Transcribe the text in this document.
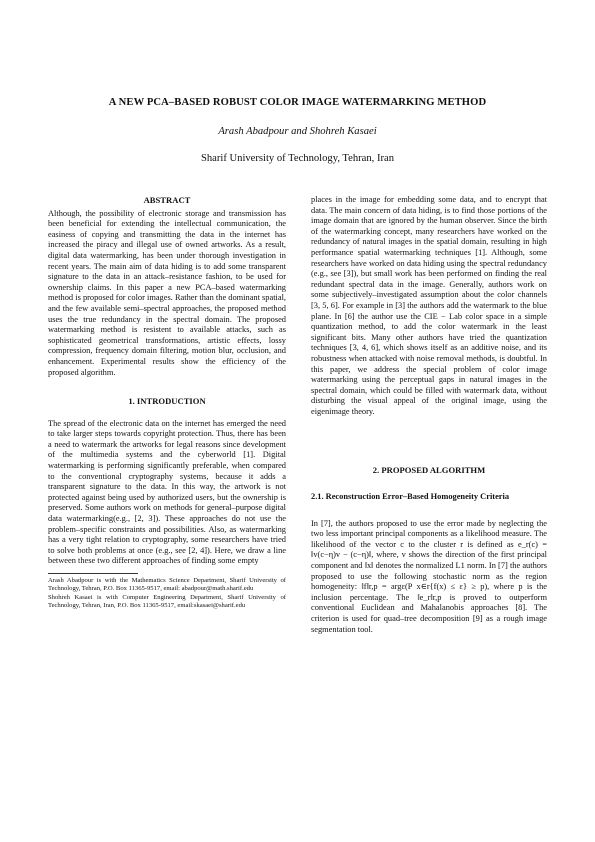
A NEW PCA–BASED ROBUST COLOR IMAGE WATERMARKING METHOD
Arash Abadpour and Shohreh Kasaei
Sharif University of Technology, Tehran, Iran
ABSTRACT

Although, the possibility of electronic storage and transmission has been beneficial for extending the intellectual communication, the easiness of copying and transmitting the data in the internet has increased the piracy and illegal use of owned artworks. As a result, digital data watermarking, has been under thorough investigation in recent years. The main aim of data hiding is to add some transparent signature to the data in an attack–resistance fashion, to be used for ownership claims. In this paper a new PCA–based watermarking method is proposed for color images. Rather than the dominant spatial, and the few available semi–spectral approaches, the proposed method uses the true redundancy in the spectral domain. The proposed watermarking method is resistent to available attacks, such as sophisticated geometrical transformations, artistic effects, lossy compression, frequency domain filtering, motion blur, occlusion, and enhancement. Experimental results show the efficiency of the proposed algorithm.

1. INTRODUCTION

The spread of the electronic data on the internet has emerged the need to take larger steps towards copyright protection. Thus, there has been a need to watermark the artworks for legal reasons since development of the multimedia systems and the cyberworld [1]. Digital watermarking is performing significantly preferable, when compared to the conventional cryptography systems, because it adds a transparent signature to the data. In this way, the artwork is not protected against being used by authorized users, but the ownership is preserved. Some authors work on methods for general–purpose digital data watermarking(e.g., [2, 3]). These approaches do not use the problem–specific constraints and possibilities. Also, as watermarking has a very tight relation to cryptography, some researchers have tried to solve both problems at once (e.g., see [2, 4]). Here, we draw a line between these two different approaches of finding some empty

Arash Abadpour is with the Mathematics Science Department, Sharif University of Technology, Tehran, P.O. Box 11365-9517, email: abadpour@math.sharif.edu

Shohreh Kasaei is with Computer Engineering Department, Sharif University of Technology, Tehran, Iran, P.O. Box 11365-9517, email:skasaei@sharif.edu

places in the image for embedding some data, and to encrypt that data. The main concern of data hiding, is to find those portions of the image domain that are ignored by the human observer. Since the birth of the watermarking concept, many researchers have worked on the redundancy of natural images in the spatial domain, resulting in high performance spatial watermarking techniques [1]. Although, some researchers have worked on data hiding using the spectral redundancy (e.g., see [3]), but small work has been performed on finding the real redundant spectral data in the image. Generally, authors work on some subjectively–investigated assumption about the color channels [3, 5, 6]. For example in [3] the authors add the watermark to the blue plane. In [6] the author use the CIE − Lab color space in a simple quantization method, to add the color watermark in the least significant bits. Many other authors have tried the quantization techniques [3, 4, 6], which shows itself as an additive noise, and its robustness when attacked with noise removal methods, is doubtful. In this paper, we address the special problem of color image watermarking using the perceptual gaps in natural images in the spectral domain, which could be filled with watermark data, without disturbing the visual appeal of the original image, using the eigenimage theory.

2. PROPOSED ALGORITHM
2.1. Reconstruction Error–Based Homogeneity Criteria

In [7], the authors proposed to use the error made by neglecting the two less important principal components as a likelihood measure. The likelihood of the vector c to the cluster r is defined as e_r(c) = ‖v(c−η)v − (c−η)‖, where, v shows the direction of the first principal component and ‖x‖ denotes the normalized L1 norm. In [7] the authors proposed to use the following stochastic norm as the region homogeneity: ‖f‖r,p = argε(P x∈r{f(x) ≤ ε} ≥ p), where p is the inclusion percentage. The ‖e_r‖r,p is proved to outperform conventional Euclidean and Mahalanobis approaches [8]. The criterion is used for quad–tree decomposition [9] as a rough image segmentation tool.
